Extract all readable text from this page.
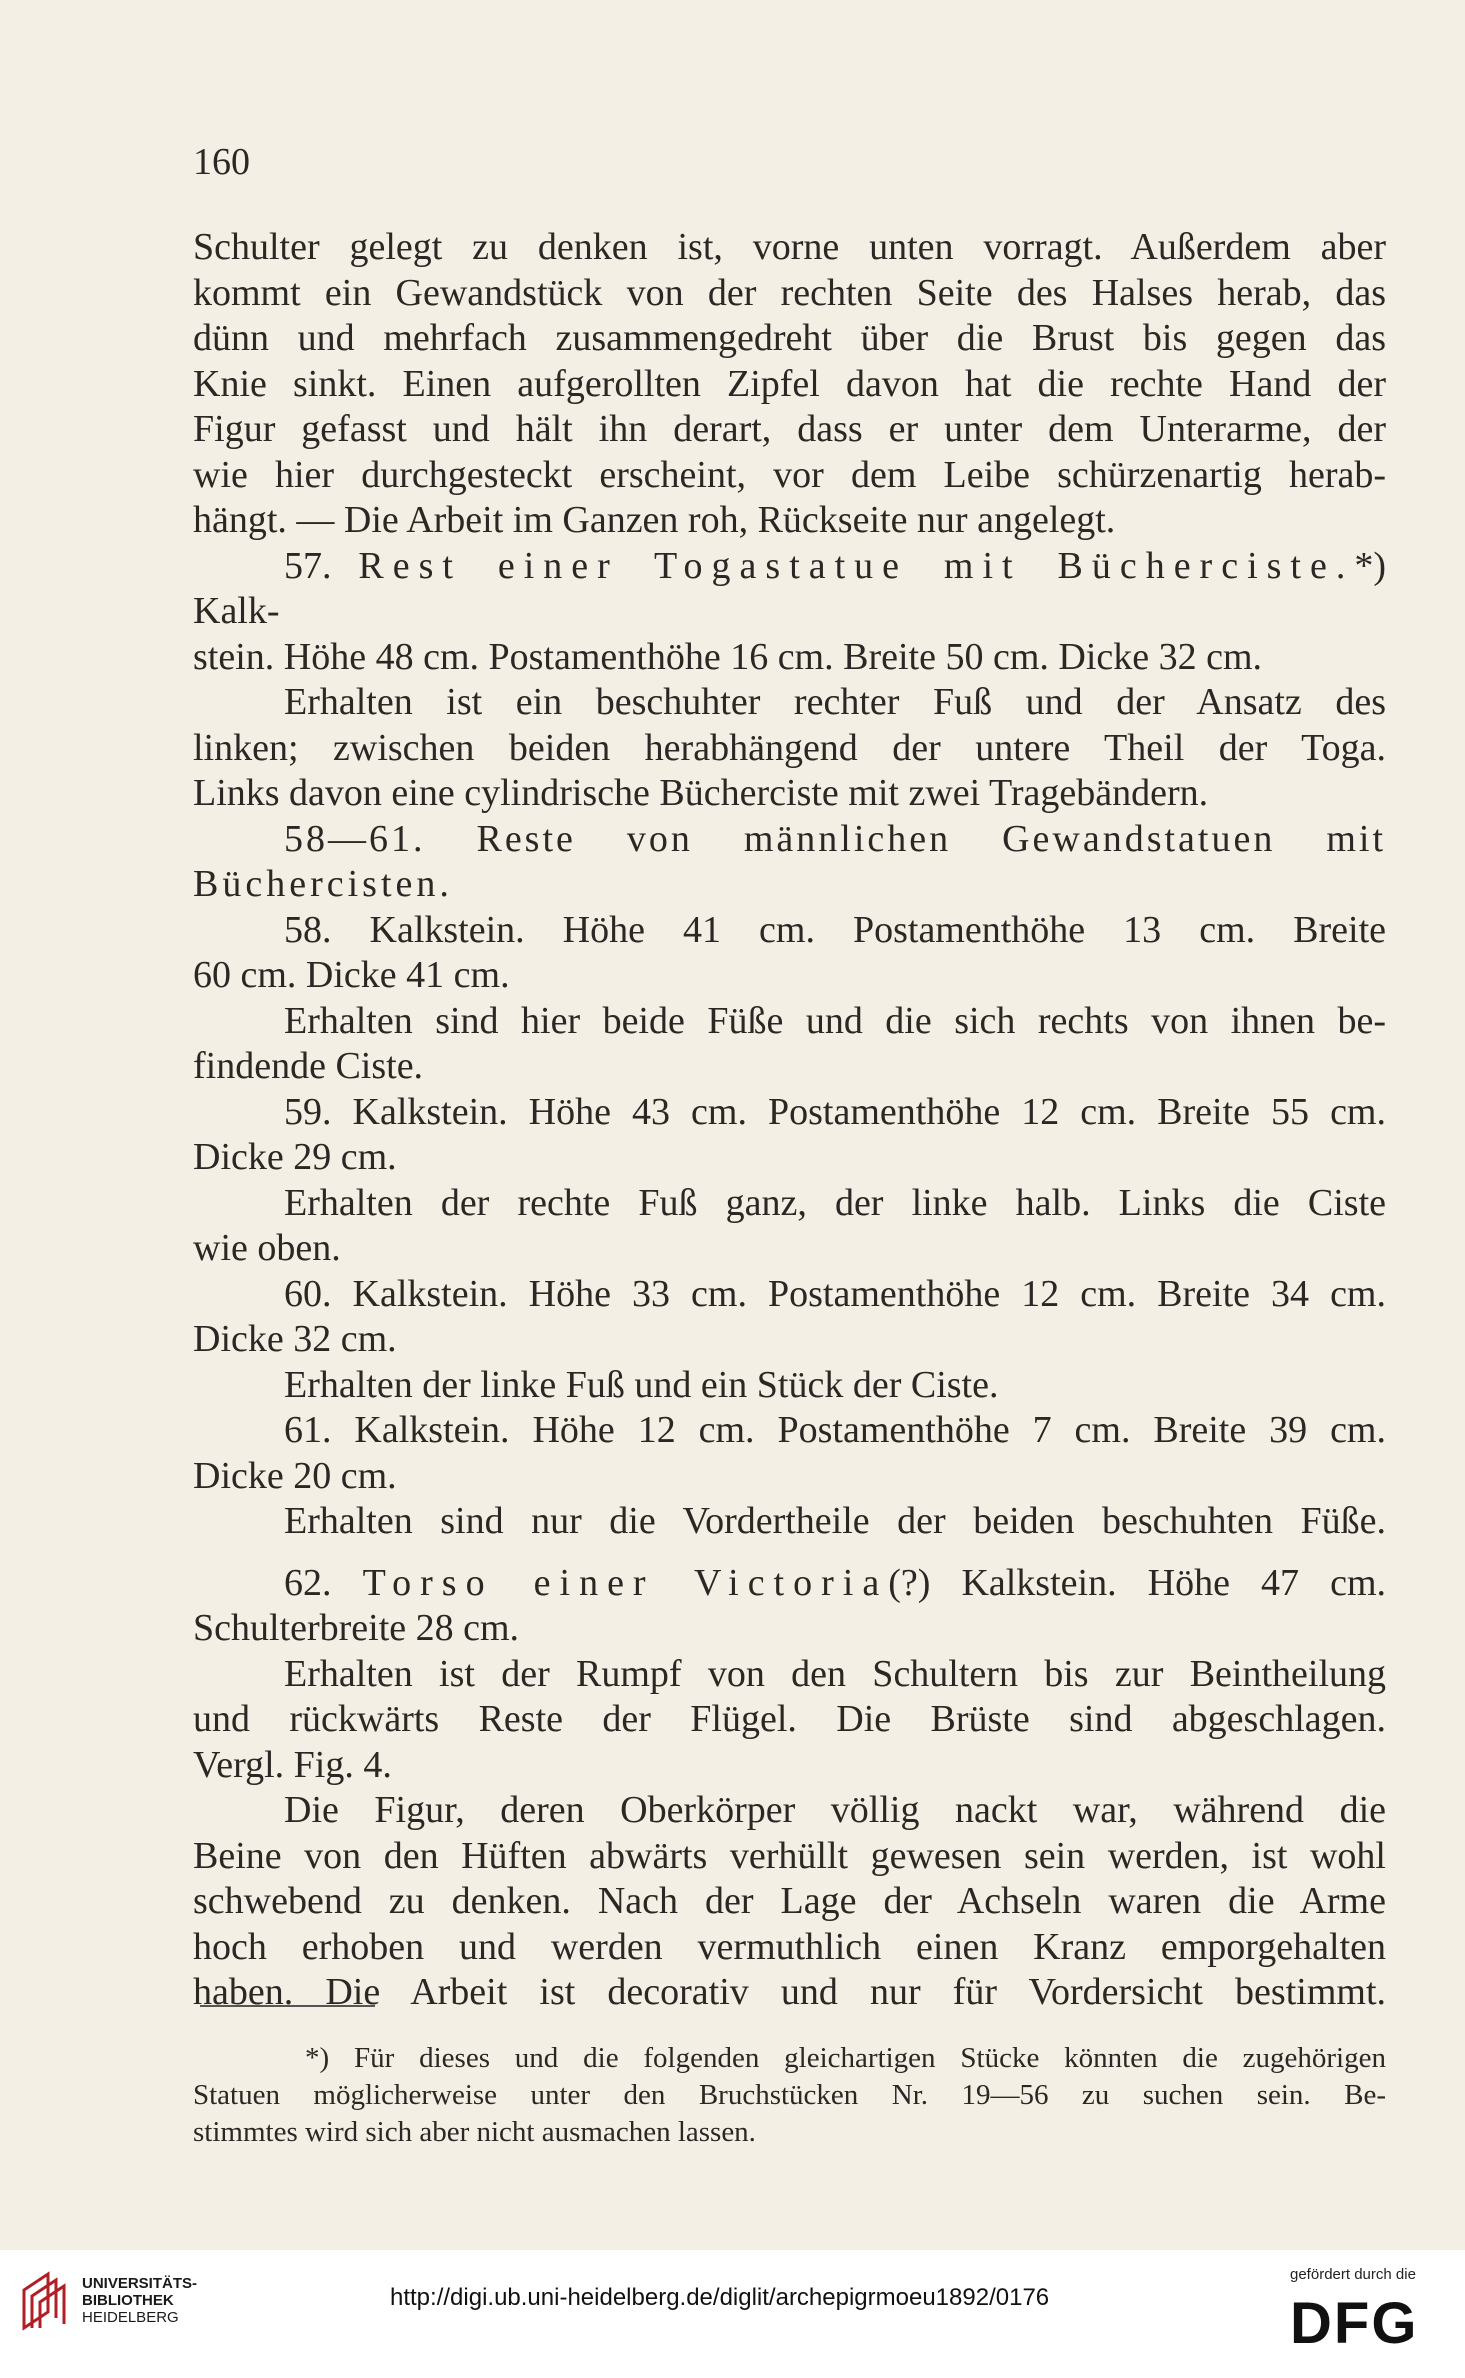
160

Schulter gelegt zu denken ist, vorne unten vorragt. Außerdem aber

kommt ein Gewandstück von der rechten Seite des Halses herab, das

dünn und mehrfach zusammengedreht über die Brust bis gegen das

Knie sinkt. Einen aufgerollten Zipfel davon hat die rechte Hand der

Figur gefasst und hält ihn derart, dass er unter dem Unterarme, der

wie hier durchgesteckt erscheint, vor dem Leibe schürzenartig herab-

hängt. — Die Arbeit im Ganzen roh, Rückseite nur angelegt.

57. Rest einer Togastatue mit Bücherciste.*) Kalk-

stein. Höhe 48 cm. Postamenthöhe 16 cm. Breite 50 cm. Dicke 32 cm.

Erhalten ist ein beschuhter rechter Fuß und der Ansatz des

linken; zwischen beiden herabhängend der untere Theil der Toga.

Links davon eine cylindrische Bücherciste mit zwei Tragebändern.

58—61. Reste von männlichen Gewandstatuen mit

Büchercisten.

58. Kalkstein. Höhe 41 cm. Postamenthöhe 13 cm. Breite

60 cm. Dicke 41 cm.

Erhalten sind hier beide Füße und die sich rechts von ihnen be-

findende Ciste.

59. Kalkstein. Höhe 43 cm. Postamenthöhe 12 cm. Breite 55 cm.

Dicke 29 cm.

Erhalten der rechte Fuß ganz, der linke halb. Links die Ciste

wie oben.

60. Kalkstein. Höhe 33 cm. Postamenthöhe 12 cm. Breite 34 cm.

Dicke 32 cm.

Erhalten der linke Fuß und ein Stück der Ciste.

61. Kalkstein. Höhe 12 cm. Postamenthöhe 7 cm. Breite 39 cm.

Dicke 20 cm.

Erhalten sind nur die Vordertheile der beiden beschuhten Füße.

62. Torso einer Victoria(?) Kalkstein. Höhe 47 cm.

Schulterbreite 28 cm.

Erhalten ist der Rumpf von den Schultern bis zur Beintheilung

und rückwärts Reste der Flügel. Die Brüste sind abgeschlagen.

Vergl. Fig. 4.

Die Figur, deren Oberkörper völlig nackt war, während die

Beine von den Hüften abwärts verhüllt gewesen sein werden, ist wohl

schwebend zu denken. Nach der Lage der Achseln waren die Arme

hoch erhoben und werden vermuthlich einen Kranz emporgehalten

haben. Die Arbeit ist decorativ und nur für Vordersicht bestimmt.

*) Für dieses und die folgenden gleichartigen Stücke könnten die zugehörigen

Statuen möglicherweise unter den Bruchstücken Nr. 19—56 zu suchen sein. Be-

stimmtes wird sich aber nicht ausmachen lassen.

UNIVERSITÄTS-
BIBLIOTHEK
HEIDELBERG
http://digi.ub.uni-heidelberg.de/diglit/archepigrmoeu1892/0176
gefördert durch die
DFG
